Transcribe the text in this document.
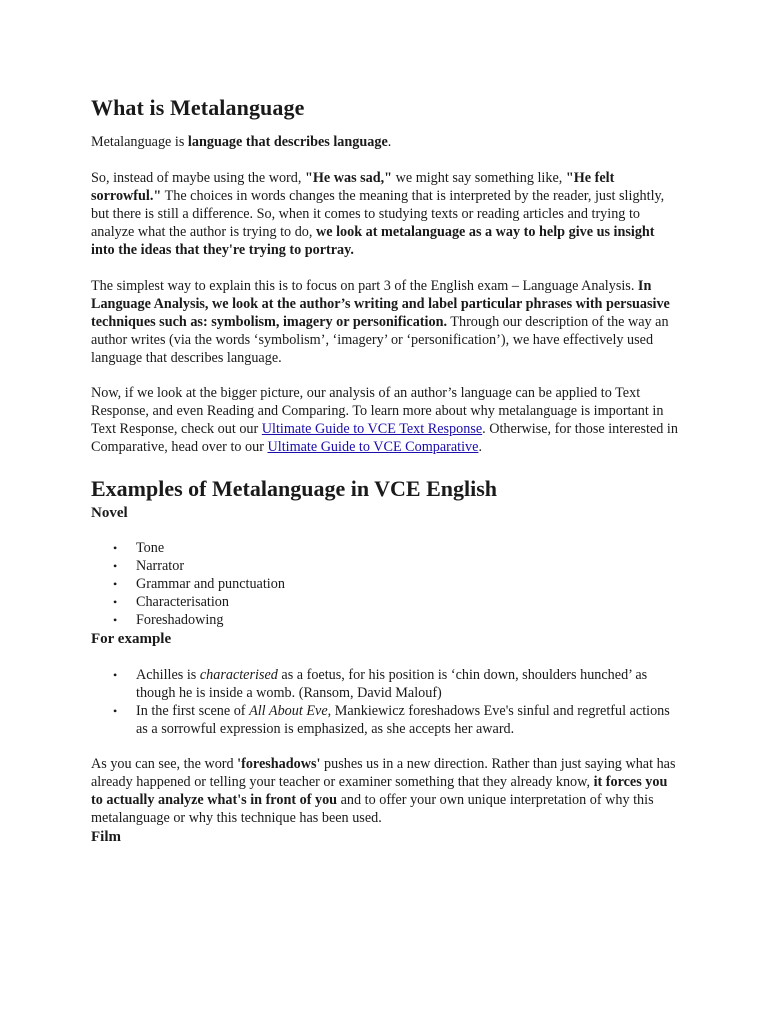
What is Metalanguage

Metalanguage is language that describes language.

So, instead of maybe using the word, "He was sad," we might say something like, "He felt sorrowful." The choices in words changes the meaning that is interpreted by the reader, just slightly, but there is still a difference. So, when it comes to studying texts or reading articles and trying to analyze what the author is trying to do, we look at metalanguage as a way to help give us insight into the ideas that they're trying to portray.

The simplest way to explain this is to focus on part 3 of the English exam – Language Analysis. In Language Analysis, we look at the author’s writing and label particular phrases with persuasive techniques such as: symbolism, imagery or personification. Through our description of the way an author writes (via the words ‘symbolism’, ‘imagery’ or ‘personification’), we have effectively used language that describes language.

Now, if we look at the bigger picture, our analysis of an author’s language can be applied to Text Response, and even Reading and Comparing. To learn more about why metalanguage is important in Text Response, check out our Ultimate Guide to VCE Text Response. Otherwise, for those interested in Comparative, head over to our Ultimate Guide to VCE Comparative.

Examples of Metalanguage in VCE English
Novel
• Tone
• Narrator
• Grammar and punctuation
• Characterisation
• Foreshadowing
For example
• Achilles is characterised as a foetus, for his position is ‘chin down, shoulders hunched’ as though he is inside a womb. (Ransom, David Malouf)
• In the first scene of All About Eve, Mankiewicz foreshadows Eve's sinful and regretful actions as a sorrowful expression is emphasized, as she accepts her award.

As you can see, the word 'foreshadows' pushes us in a new direction. Rather than just saying what has already happened or telling your teacher or examiner something that they already know, it forces you to actually analyze what's in front of you and to offer your own unique interpretation of why this metalanguage or why this technique has been used.

Film
